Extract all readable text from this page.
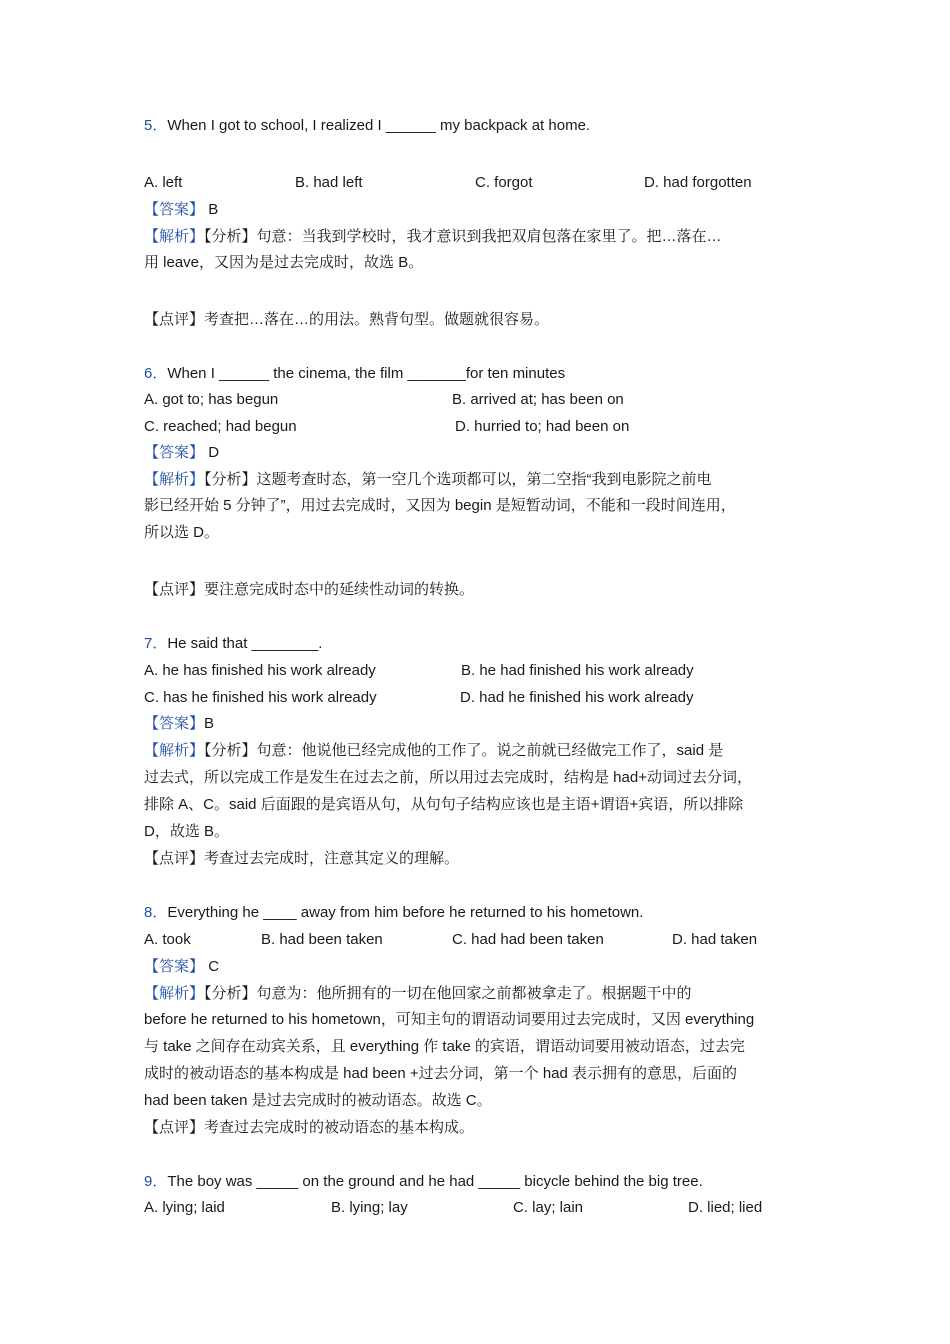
5．When I got to school, I realized I ______ my backpack at home.
A. left	B. had left	C. forgot	D. had forgotten
【答案】 B
【解析】【分析】句意：当我到学校时，我才意识到我把双肩包落在家里了。把…落在…
用 leave，又因为是过去完成时，故选 B。
【点评】考查把…落在…的用法。熟背句型。做题就很容易。
6．When I ______ the cinema, the film _______for ten minutes
A. got to; has begun	B. arrived at; has been on
C. reached; had begun	D. hurried to; had been on
【答案】 D
【解析】【分析】这题考查时态，第一空几个选项都可以，第二空指“我到电影院之前电
影已经开始 5 分钟了”，用过去完成时，又因为 begin 是短暂动词，不能和一段时间连用，
所以选 D。
【点评】要注意完成时态中的延续性动词的转换。
7．He said that ________.
A. he has finished his work already	B. he had finished his work already
C. has he finished his work already	D. had he finished his work already
【答案】B
【解析】【分析】句意：他说他已经完成他的工作了。说之前就已经做完工作了，said 是
过去式，所以完成工作是发生在过去之前，所以用过去完成时，结构是 had+动词过去分词，
排除 A、C。said 后面跟的是宾语从句，从句句子结构应该也是主语+谓语+宾语，所以排除
D，故选 B。
【点评】考查过去完成时，注意其定义的理解。
8．Everything he ____ away from him before he returned to his hometown.
A. took	B. had been taken	C. had had been taken	D. had taken
【答案】 C
【解析】【分析】句意为：他所拥有的一切在他回家之前都被拿走了。根据题干中的
before he returned to his hometown，可知主句的谓语动词要用过去完成时，又因 everything
与 take 之间存在动宾关系，且 everything 作 take 的宾语，谓语动词要用被动语态，过去完
成时的被动语态的基本构成是 had been +过去分词，第一个 had 表示拥有的意思，后面的
had been taken 是过去完成时的被动语态。故选 C。
【点评】考查过去完成时的被动语态的基本构成。
9．The boy was _____ on the ground and he had _____ bicycle behind the big tree.
A. lying; laid	B. lying; lay	C. lay; lain	D. lied; lied
